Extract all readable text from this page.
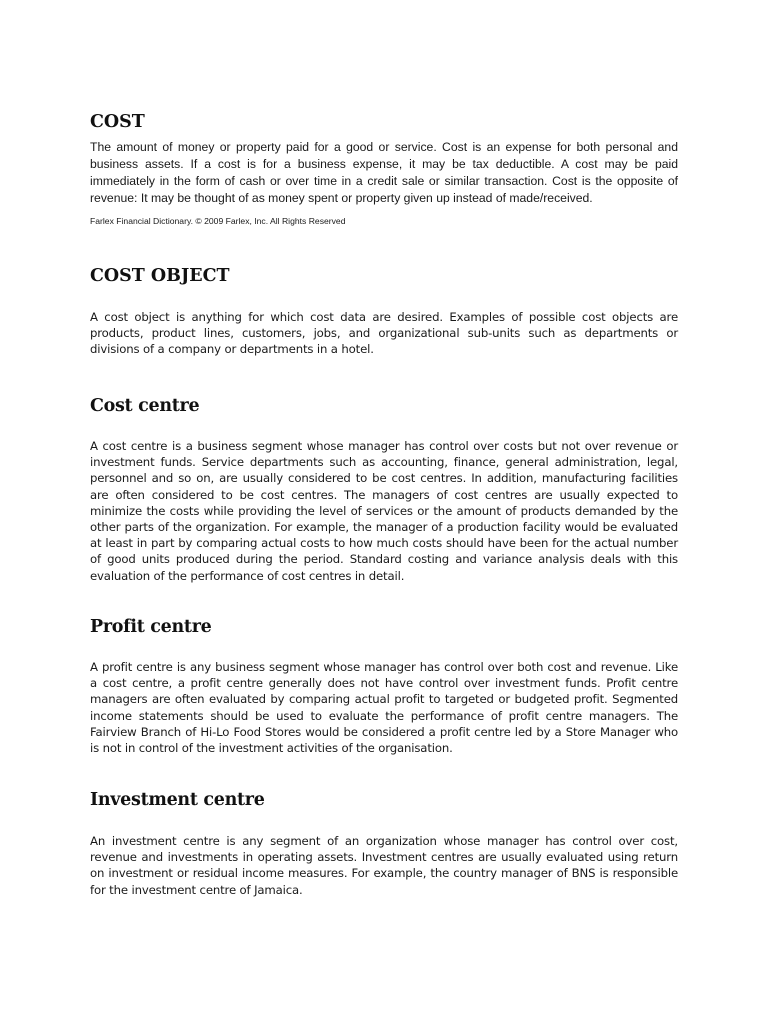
COST

The amount of money or property paid for a good or service. Cost is an expense for both personal and business assets. If a cost is for a business expense, it may be tax deductible. A cost may be paid immediately in the form of cash or over time in a credit sale or similar transaction. Cost is the opposite of revenue: It may be thought of as money spent or property given up instead of made/received.

Farlex Financial Dictionary. © 2009 Farlex, Inc. All Rights Reserved
COST OBJECT

A cost object is anything for which cost data are desired. Examples of possible cost objects are products, product lines, customers, jobs, and organizational sub-units such as departments or divisions of a company or departments in a hotel.

Cost centre

A cost centre is a business segment whose manager has control over costs but not over revenue or investment funds. Service departments such as accounting, finance, general administration, legal, personnel and so on, are usually considered to be cost centres. In addition, manufacturing facilities are often considered to be cost centres. The managers of cost centres are usually expected to minimize the costs while providing the level of services or the amount of products demanded by the other parts of the organization. For example, the manager of a production facility would be evaluated at least in part by comparing actual costs to how much costs should have been for the actual number of good units produced during the period. Standard costing and variance analysis deals with this evaluation of the performance of cost centres in detail.

Profit centre

A profit centre is any business segment whose manager has control over both cost and revenue. Like a cost centre, a profit centre generally does not have control over investment funds. Profit centre managers are often evaluated by comparing actual profit to targeted or budgeted profit. Segmented income statements should be used to evaluate the performance of profit centre managers. The Fairview Branch of Hi-Lo Food Stores would be considered a profit centre led by a Store Manager who is not in control of the investment activities of the organisation.

Investment centre

An investment centre is any segment of an organization whose manager has control over cost, revenue and investments in operating assets. Investment centres are usually evaluated using return on investment or residual income measures. For example, the country manager of BNS is responsible for the investment centre of Jamaica.
